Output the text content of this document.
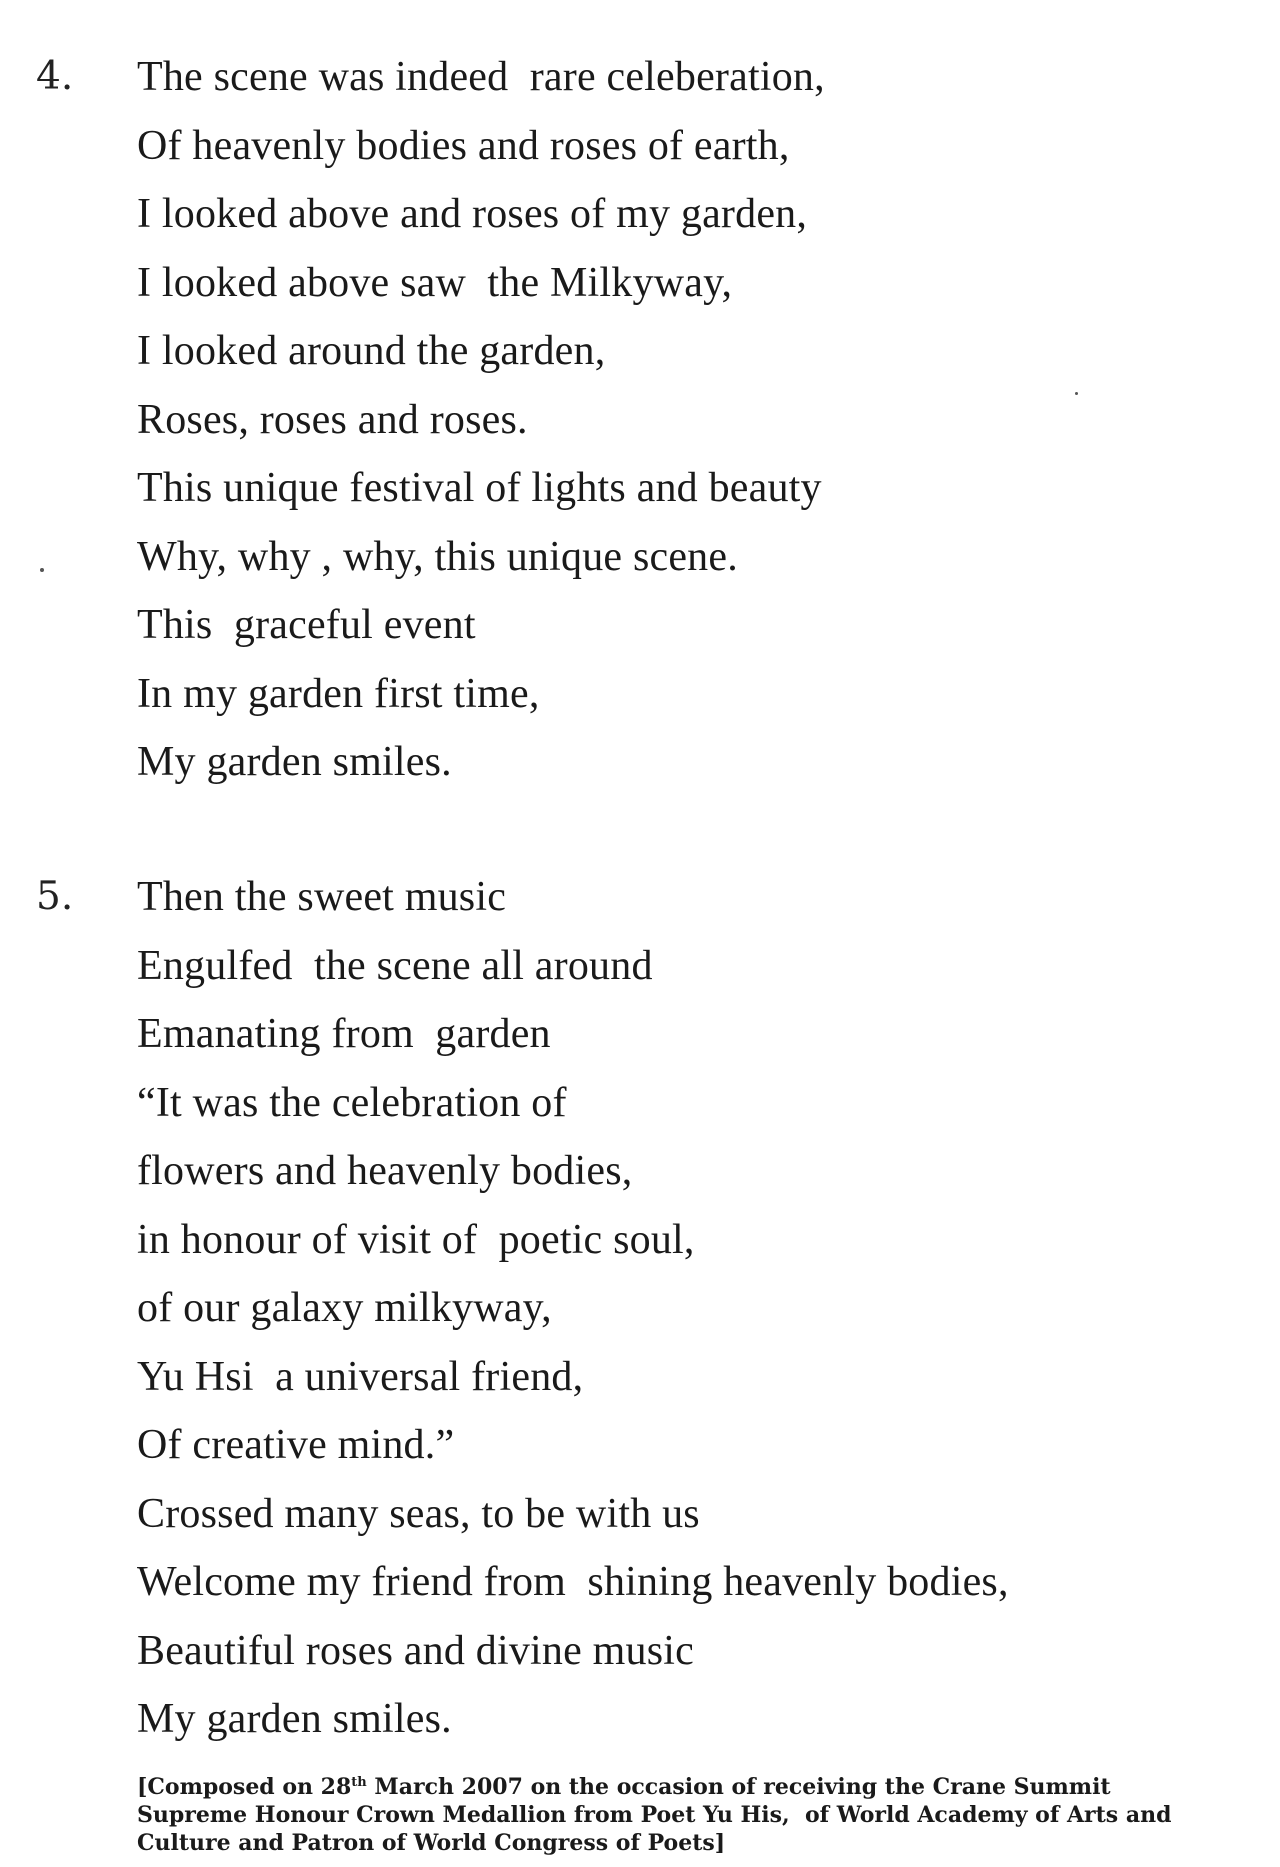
4. The scene was indeed  rare celeberation,
Of heavenly bodies and roses of earth,
I looked above and roses of my garden,
I looked above saw  the Milkyway,
I looked around the garden,
Roses, roses and roses.
This unique festival of lights and beauty
Why, why , why, this unique scene.
This  graceful event
In my garden first time,
My garden smiles.
5. Then the sweet music
Engulfed  the scene all around
Emanating from  garden
“It was the celebration of
flowers and heavenly bodies,
in honour of visit of  poetic soul,
of our galaxy milkyway,
Yu Hsi  a universal friend,
Of creative mind.”
Crossed many seas, to be with us
Welcome my friend from  shining heavenly bodies,
Beautiful roses and divine music
My garden smiles.
[Composed on 28th March 2007 on the occasion of receiving the Crane Summit
Supreme Honour Crown Medallion from Poet Yu His,  of World Academy of Arts and
Culture and Patron of World Congress of Poets]
